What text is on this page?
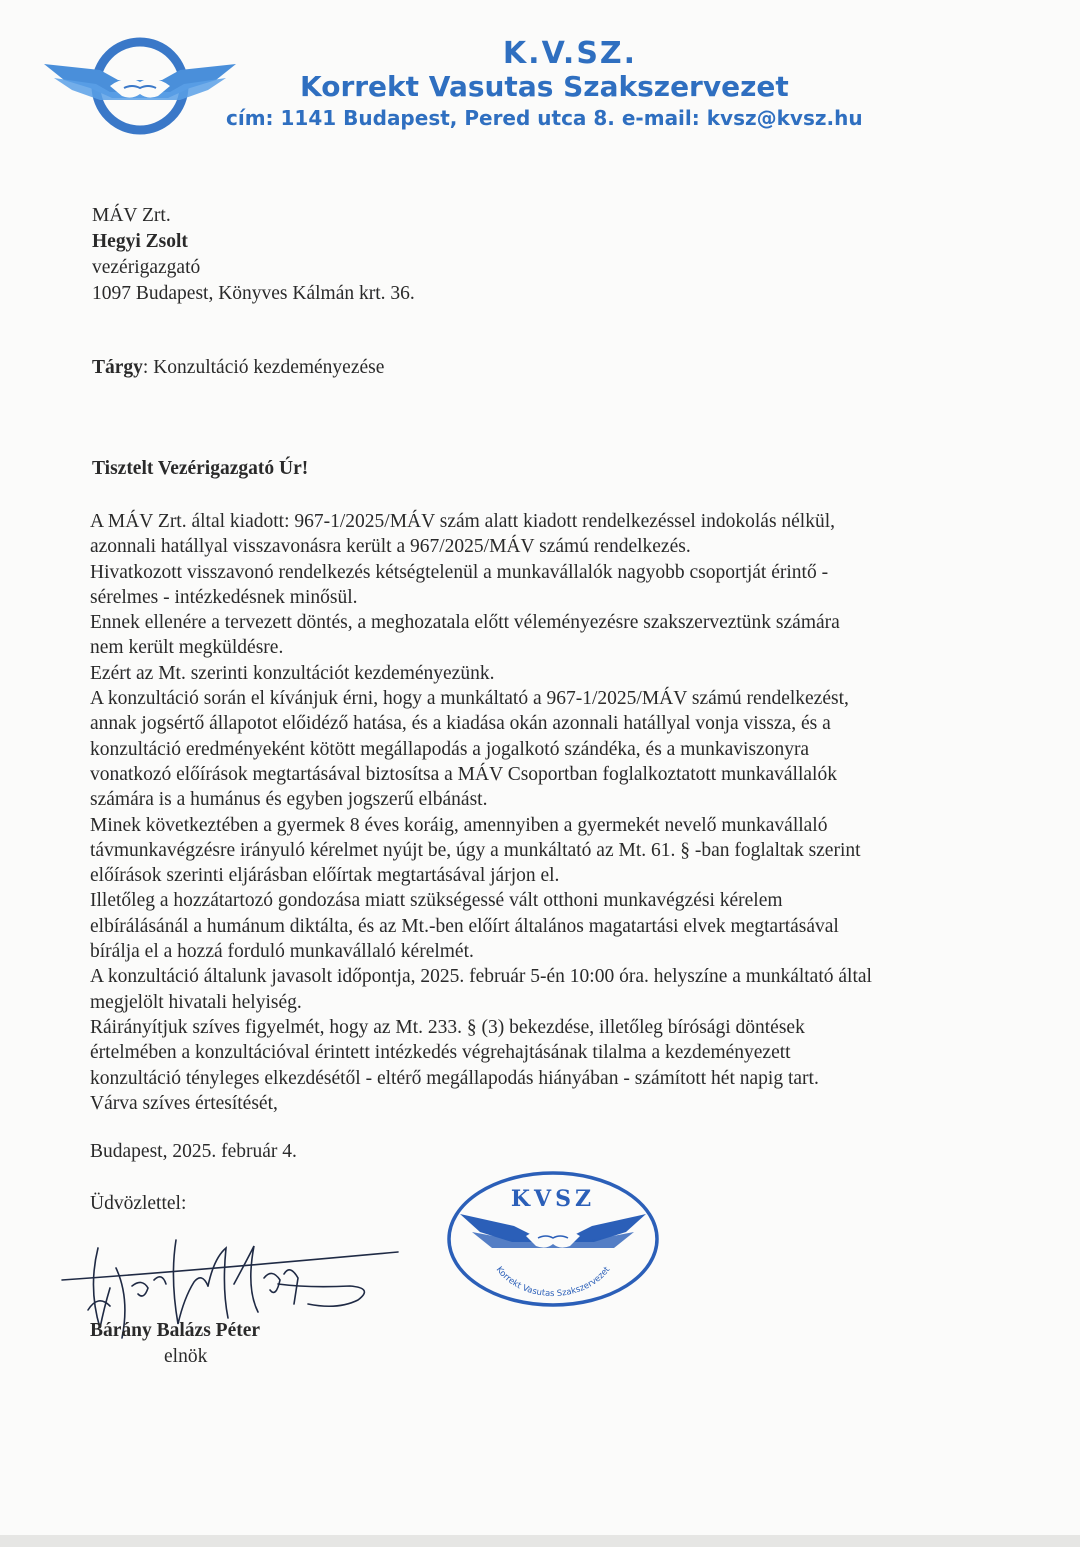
K.V.SZ.
Korrekt Vasutas Szakszervezet
cím: 1141 Budapest, Pered utca 8. e-mail: kvsz@kvsz.hu
MÁV Zrt.
Hegyi Zsolt
vezérigazgató
1097 Budapest, Könyves Kálmán krt. 36.
Tárgy: Konzultáció kezdeményezése
Tisztelt Vezérigazgató Úr!
A MÁV Zrt. által kiadott: 967-1/2025/MÁV szám alatt kiadott rendelkezéssel indokolás nélkül,
azonnali hatállyal visszavonásra került a 967/2025/MÁV számú rendelkezés.
Hivatkozott visszavonó rendelkezés kétségtelenül a munkavállalók nagyobb csoportját érintő -
sérelmes - intézkedésnek minősül.
Ennek ellenére a tervezett döntés, a meghozatala előtt véleményezésre szakszerveztünk számára
nem került megküldésre.
Ezért az Mt. szerinti konzultációt kezdeményezünk.
A konzultáció során el kívánjuk érni, hogy a munkáltató a 967-1/2025/MÁV számú rendelkezést,
annak jogsértő állapotot előidéző hatása, és a kiadása okán azonnali hatállyal vonja vissza, és a
konzultáció eredményeként kötött megállapodás a jogalkotó szándéka, és a munkaviszonyra
vonatkozó előírások megtartásával biztosítsa a MÁV Csoportban foglalkoztatott munkavállalók
számára is a humánus és egyben jogszerű elbánást.
Minek következtében a gyermek 8 éves koráig, amennyiben a gyermekét nevelő munkavállaló
távmunkavégzésre irányuló kérelmet nyújt be, úgy a munkáltató az Mt. 61. § -ban foglaltak szerint
előírások szerinti eljárásban előírtak megtartásával járjon el.
Illetőleg a hozzátartozó gondozása miatt szükségessé vált otthoni munkavégzési kérelem
elbírálásánál a humánum diktálta, és az Mt.-ben előírt általános magatartási elvek megtartásával
bírálja el a hozzá forduló munkavállaló kérelmét.
A konzultáció általunk javasolt időpontja, 2025. február 5-én 10:00 óra. helyszíne a munkáltató által
megjelölt hivatali helyiség.
Ráirányítjuk szíves figyelmét, hogy az Mt. 233. § (3) bekezdése, illetőleg bírósági döntések
értelmében a konzultációval érintett intézkedés végrehajtásának tilalma a kezdeményezett
konzultáció tényleges elkezdésétől - eltérő megállapodás hiányában - számított hét napig tart.
Várva szíves értesítését,
Budapest, 2025. február 4.
Üdvözlettel:
Bárány Balázs Péter
elnök
KVSZ
Korrekt Vasutas Szakszervezet
